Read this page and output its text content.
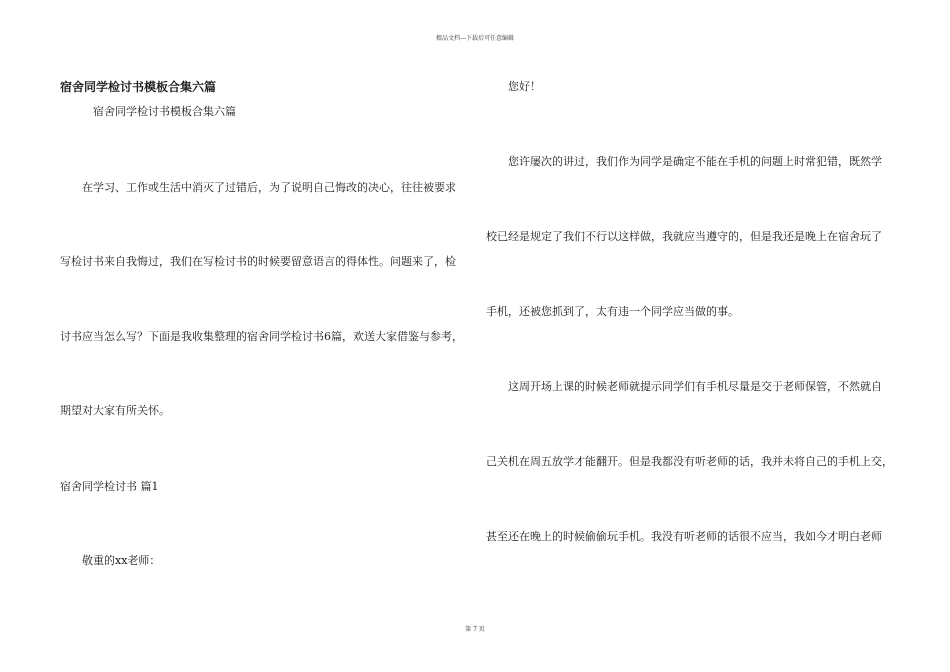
精品文档---下载后可任意编辑
宿舍同学检讨书模板合集六篇
宿舍同学检讨书模板合集六篇
在学习、工作或生活中消灭了过错后，为了说明自己悔改的决心，往往被要求
写检讨书来自我悔过，我们在写检讨书的时候要留意语言的得体性。问题来了，检
讨书应当怎么写？下面是我收集整理的宿舍同学检讨书6篇，欢送大家借鉴与参考，
期望对大家有所关怀。
宿舍同学检讨书 篇1
敬重的xx老师：
您好！
您许屡次的讲过，我们作为同学是确定不能在手机的问题上时常犯错，既然学
校已经是规定了我们不行以这样做，我就应当遵守的，但是我还是晚上在宿舍玩了
手机，还被您抓到了，太有违一个同学应当做的事。
这周开场上课的时候老师就提示同学们有手机尽量是交于老师保管，不然就自
己关机在周五放学才能翻开。但是我都没有听老师的话，我并未将自己的手机上交，
甚至还在晚上的时候偷偷玩手机。我没有听老师的话很不应当，我如今才明白老师
第 7 页
